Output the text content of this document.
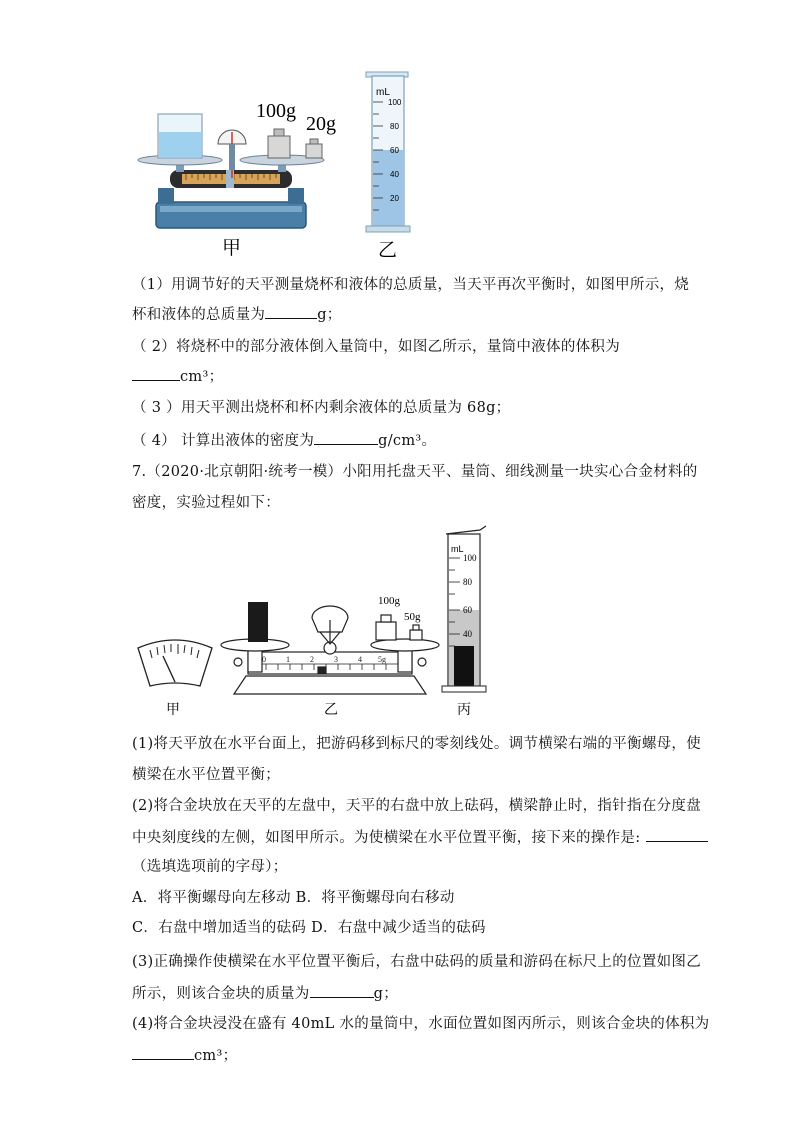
100g
20g
甲
mL
100
80
60
40
20
乙
（1）用调节好的天平测量烧杯和液体的总质量，当天平再次平衡时，如图甲所示，烧
杯和液体的总质量为	g；
（ 2）将烧杯中的部分液体倒入量筒中，如图乙所示，量筒中液体的体积为
cm³；
（ 3 ）用天平测出烧杯和杯内剩余液体的总质量为 68g；
（ 4） 计算出液体的密度为	g/cm³。
7.（2020·北京朝阳·统考一模）小阳用托盘天平、量筒、细线测量一块实心合金材料的
密度，实验过程如下：
甲
100g
50g
0	1	2	3	4 5g
乙
mL
100
80
60
40
丙
(1)将天平放在水平台面上，把游码移到标尺的零刻线处。调节横梁右端的平衡螺母，使
横梁在水平位置平衡；
(2)将合金块放在天平的左盘中，天平的右盘中放上砝码，横梁静止时，指针指在分度盘
中央刻度线的左侧，如图甲所示。为使横梁在水平位置平衡，接下来的操作是:
（选填选项前的字母）；
A．将平衡螺母向左移动 B．将平衡螺母向右移动
C．右盘中增加适当的砝码 D．右盘中减少适当的砝码
(3)正确操作使横梁在水平位置平衡后，右盘中砝码的质量和游码在标尺上的位置如图乙
所示，则该合金块的质量为	g；
(4)将合金块浸没在盛有 40mL 水的量筒中，水面位置如图丙所示，则该合金块的体积为
cm³；
